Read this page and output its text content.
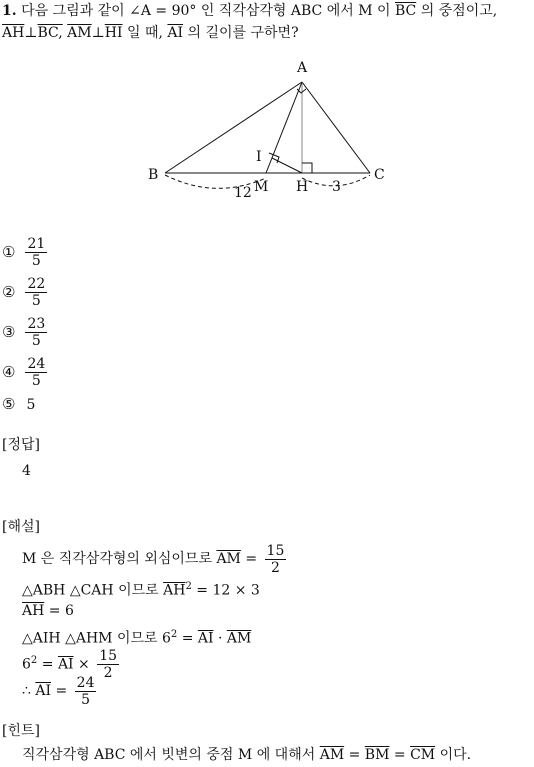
1. 다음 그림과 같이 ∠A = 90° 인 직각삼각형 ABC 에서 M 이 $\overline{BC}$ 의 중점이고,
$\overline{AH}\perp BC$, $\overline{AM}\perp\overline{HI}$ 일 때, $\overline{AI}$ 의 길이를 구하면?
A
B	C
I
M H
12	3
① $\frac{21}{5}$
② $\frac{22}{5}$
③ $\frac{23}{5}$
④ $\frac{24}{5}$
⑤ 5
[정답]
4
[해설]
M 은 직각삼각형의 외심이므로 $\overline{AM} = \frac{15}{2}$
△ABH △CAH 이므로 $\overline{AH}^2 = 12 \times 3$
$\overline{AH} = 6$
△AIH △AHM 이므로 $6^2 = \overline{AI} \cdot \overline{AM}$
$6^2 = \overline{AI} \times \frac{15}{2}$
∴ $\overline{AI} = \frac{24}{5}$
[힌트]
직각삼각형 ABC 에서 빗변의 중점 M 에 대해서 $\overline{AM} = \overline{BM} = \overline{CM}$ 이다.
